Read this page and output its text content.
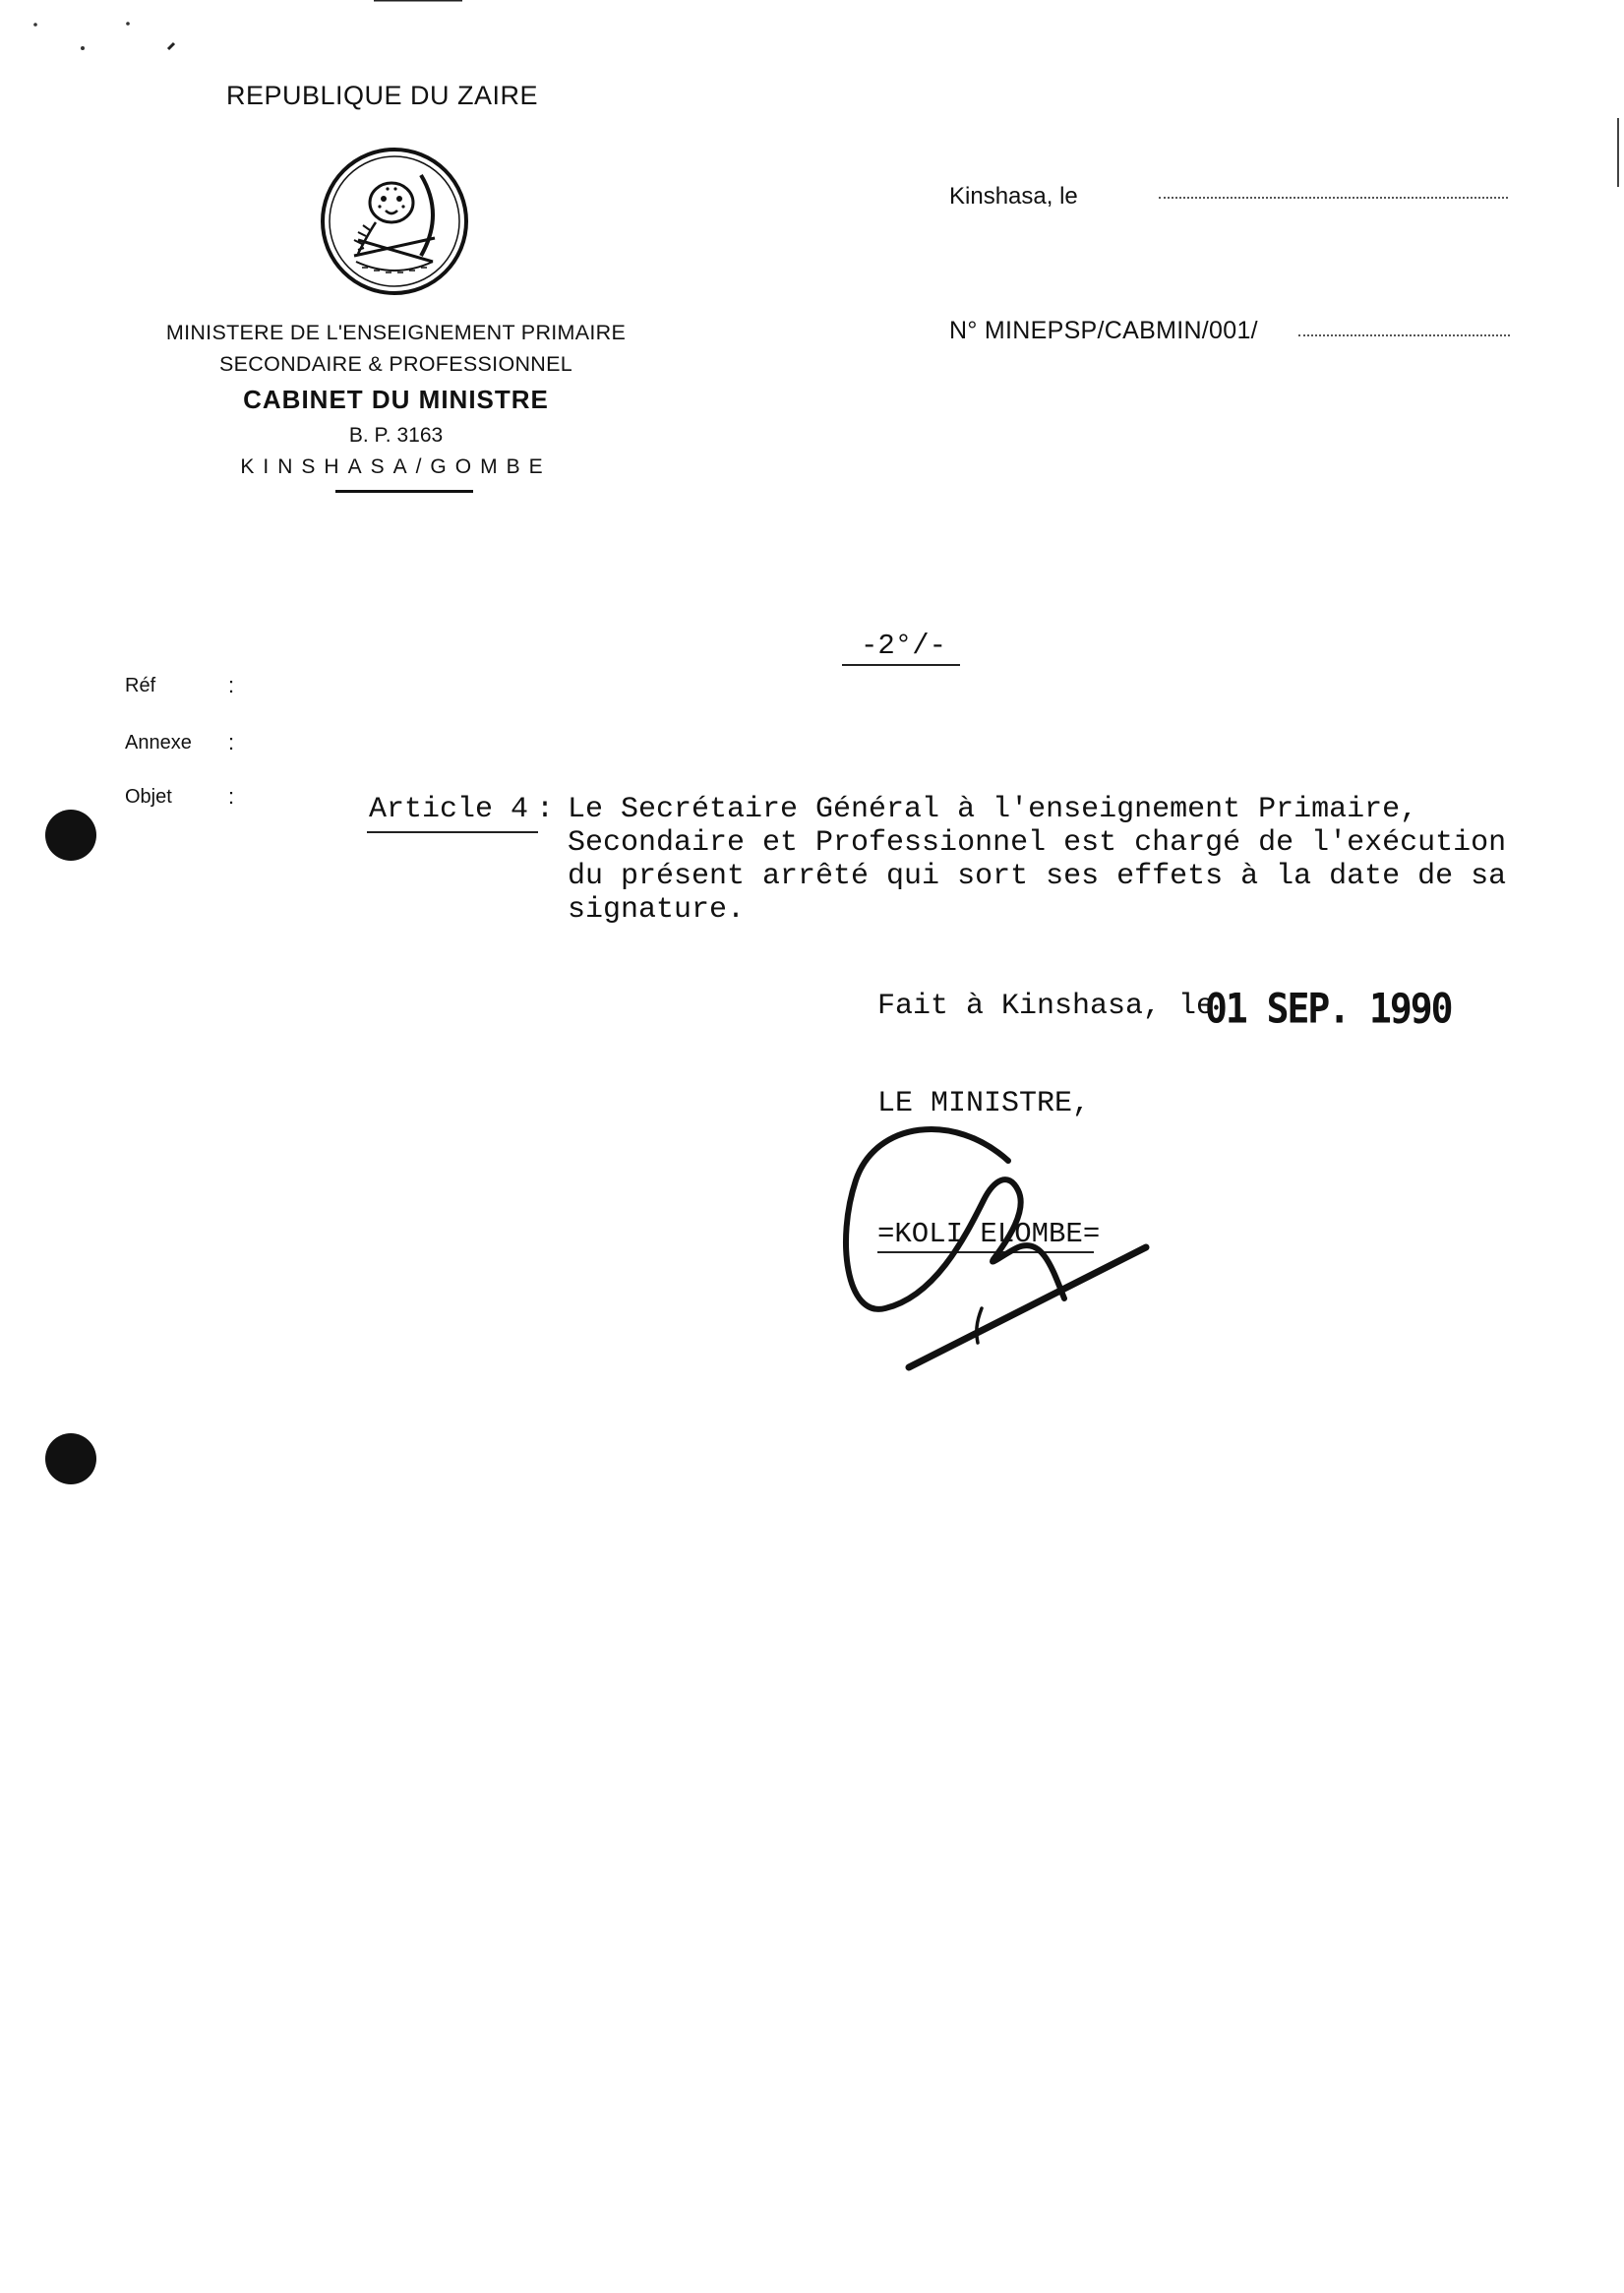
REPUBLIQUE DU ZAIRE
MINISTERE DE L'ENSEIGNEMENT PRIMAIRE
SECONDAIRE & PROFESSIONNEL
CABINET DU MINISTRE
B. P. 3163
KINSHASA/GOMBE
Kinshasa, le
N° MINEPSP/CABMIN/001/
-2°/-
Réf	:
Annexe :
Objet	:	Article 4 : Le Secrétaire Général à l'enseignement Primaire,
Secondaire et Professionnel est chargé de l'exécution
du présent arrêté qui sort ses effets à la date de sa
signature.
Fait à Kinshasa, le
01 SEP. 1990
LE MINISTRE,
=KOLI ELOMBE=
